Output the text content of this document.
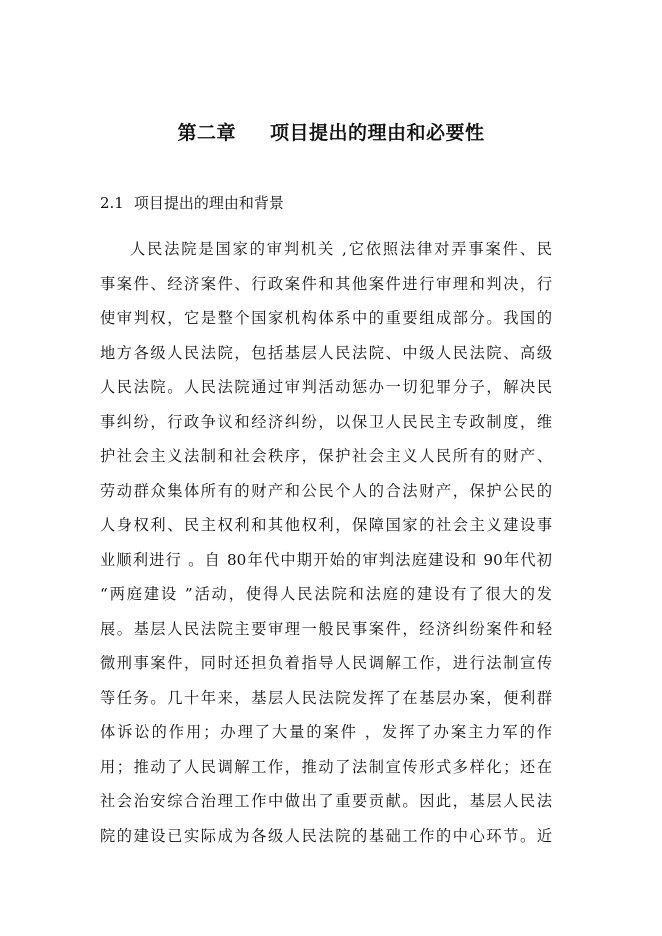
第二章 项目提出的理由和必要性
2.1 项目提出的理由和背景
人民法院是国家的审判机关 ,它依照法律对弄事案件、民
事案件、经济案件、行政案件和其他案件进行审理和判决，行
使审判权，它是整个国家机构体系中的重要组成部分。我国的
地方各级人民法院，包括基层人民法院、中级人民法院、高级
人民法院。人民法院通过审判活动惩办一切犯罪分子，解决民
事纠纷，行政争议和经济纠纷，以保卫人民民主专政制度，维
护社会主义法制和社会秩序，保护社会主义人民所有的财产、
劳动群众集体所有的财产和公民个人的合法财产，保护公民的
人身权利、民主权利和其他权利，保障国家的社会主义建设事
业顺利进行 。自 80年代中期开始的审判法庭建设和 90年代初
“两庭建设 ”活动，使得人民法院和法庭的建设有了很大的发
展。基层人民法院主要审理一般民事案件，经济纠纷案件和轻
微刑事案件，同时还担负着指导人民调解工作，进行法制宣传
等任务。几十年来，基层人民法院发挥了在基层办案，便利群
体诉讼的作用；办理了大量的案件 ，发挥了办案主力军的作
用；推动了人民调解工作，推动了法制宣传形式多样化；还在
社会治安综合治理工作中做出了重要贡献。因此，基层人民法
院的建设已实际成为各级人民法院的基础工作的中心环节。近
